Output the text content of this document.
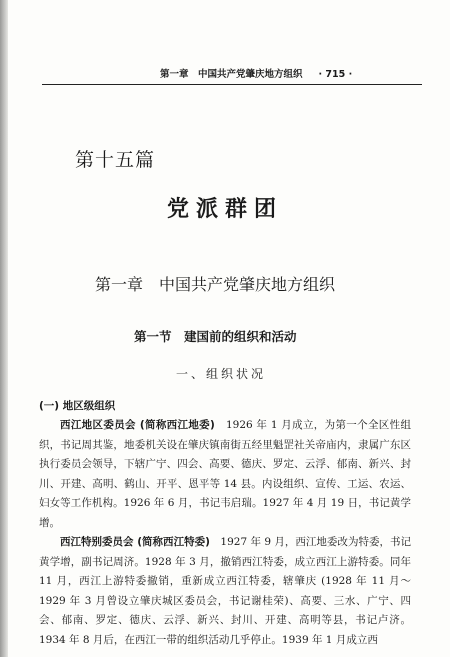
第一章　中国共产党肇庆地方组织 · 715 ·
第十五篇
党派群团
第一章　中国共产党肇庆地方组织
第一节　建国前的组织和活动
一、组织状况
(一) 地区级组织

西江地区委员会 (简称西江地委)　1926 年 1 月成立，为第一个全区性组织，书记周其鉴，地委机关设在肇庆镇南街五经里魁罡社关帝庙内，隶属广东区执行委员会领导，下辖广宁、四会、高要、德庆、罗定、云浮、郁南、新兴、封川、开建、高明、鹤山、开平、恩平等 14 县。内设组织、宣传、工运、农运、妇女等工作机构。1926 年 6 月，书记韦启瑞。1927 年 4 月 19 日，书记黄学增。

西江特别委员会 (简称西江特委)　1927 年 9 月，西江地委改为特委，书记黄学增，副书记周济。1928 年 3 月，撤销西江特委，成立西江上游特委。同年 11 月，西江上游特委撤销，重新成立西江特委，辖肇庆 (1928 年 11 月～1929 年 3 月曾设立肇庆城区委员会，书记谢桂荣)、高要、三水、广宁、四会、郁南、罗定、德庆、云浮、新兴、封川、开建、高明等县，书记卢济。1934 年 8 月后，在西江一带的组织活动几乎停止。1939 年 1 月成立西
